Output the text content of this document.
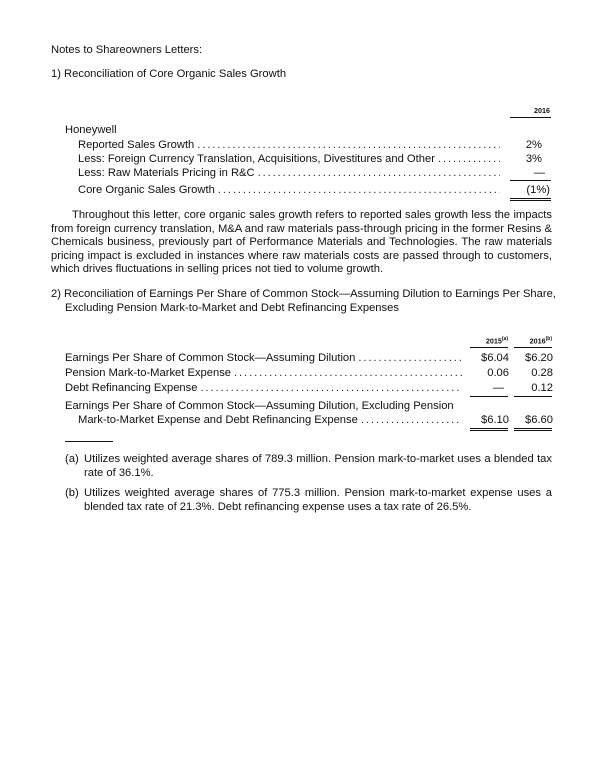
Notes to Shareowners Letters:
1) Reconciliation of Core Organic Sales Growth
2016
Honeywell
Reported Sales Growth . . .	2%
Less: Foreign Currency Translation, Acquisitions, Divestitures and Other . . .	3%
Less: Raw Materials Pricing in R&C . . .	—
Core Organic Sales Growth . . .	(1%)
Throughout this letter, core organic sales growth refers to reported sales growth less the impacts from foreign currency translation, M&A and raw materials pass-through pricing in the former Resins & Chemicals business, previously part of Performance Materials and Technologies. The raw materials pricing impact is excluded in instances where raw materials costs are passed through to customers, which drives fluctuations in selling prices not tied to volume growth.
2) Reconciliation of Earnings Per Share of Common Stock—Assuming Dilution to Earnings Per Share,
Excluding Pension Mark-to-Market and Debt Refinancing Expenses
2015$^{(a)}$	2016$^{(b)}$
Earnings Per Share of Common Stock—Assuming Dilution . . .	$6.04	$6.20
Pension Mark-to-Market Expense . . .	0.06	0.28
Debt Refinancing Expense . . .	—	0.12
Earnings Per Share of Common Stock—Assuming Dilution, Excluding Pension
Mark-to-Market Expense and Debt Refinancing Expense . . .	$6.10	$6.60
(a) Utilizes weighted average shares of 789.3 million. Pension mark-to-market uses a blended tax rate of 36.1%.
(b) Utilizes weighted average shares of 775.3 million. Pension mark-to-market expense uses a blended tax rate of 21.3%. Debt refinancing expense uses a tax rate of 26.5%.
